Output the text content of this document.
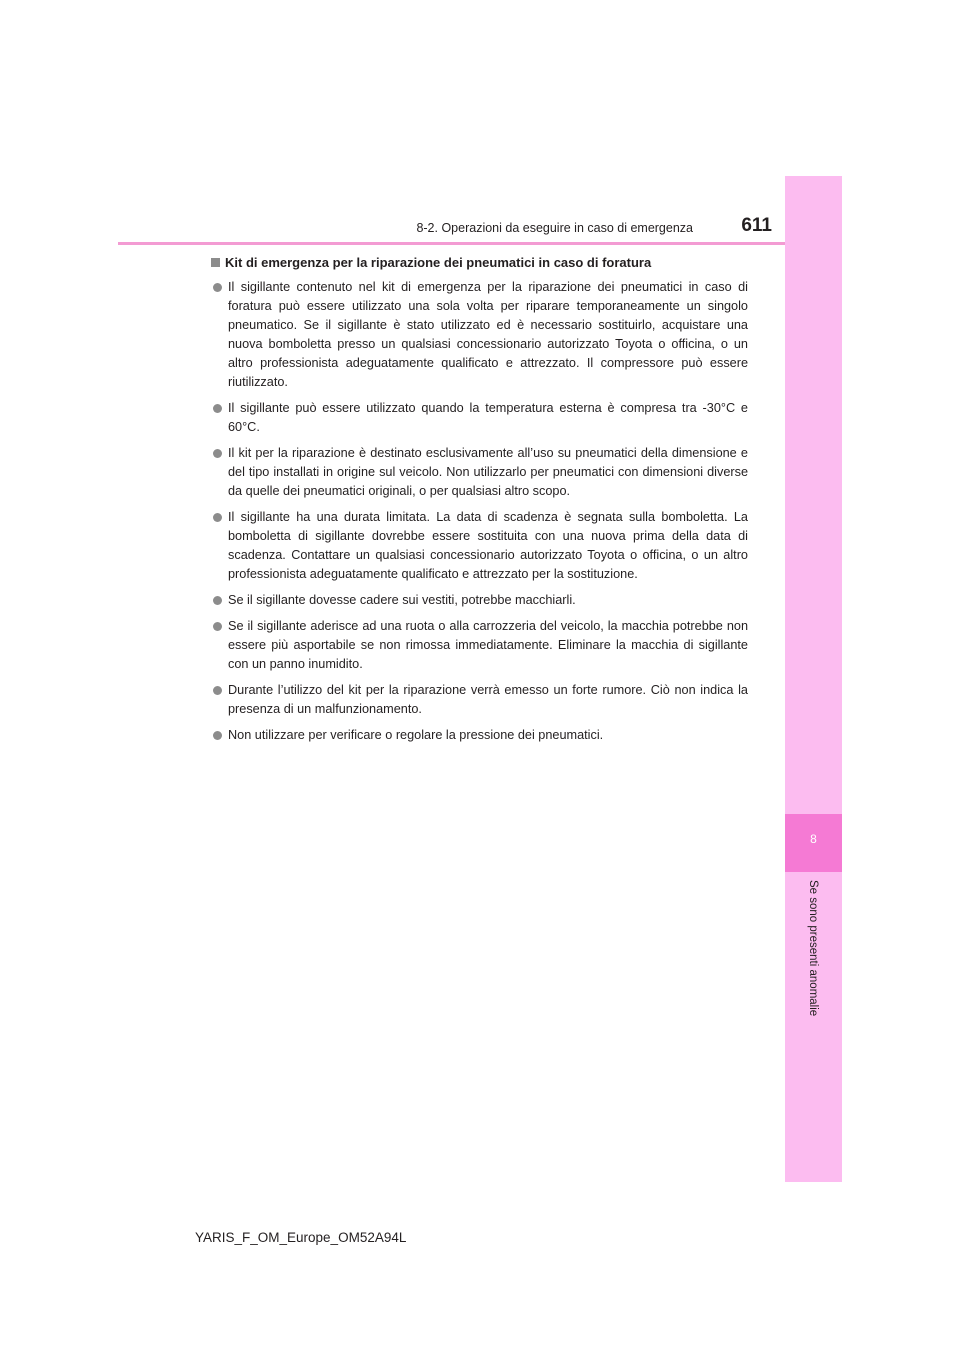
8-2. Operazioni da eseguire in caso di emergenza	611
8
Se sono presenti anomalie
Kit di emergenza per la riparazione dei pneumatici in caso di foratura
Il sigillante contenuto nel kit di emergenza per la riparazione dei pneumatici in caso di foratura può essere utilizzato una sola volta per riparare temporaneamente un singolo pneumatico. Se il sigillante è stato utilizzato ed è necessario sostituirlo, acquistare una nuova bomboletta presso un qualsiasi concessionario autorizzato Toyota o officina, o un altro professionista adeguatamente qualificato e attrezzato. Il compressore può essere riutilizzato.
Il sigillante può essere utilizzato quando la temperatura esterna è compresa tra -30°C e 60°C.
Il kit per la riparazione è destinato esclusivamente all’uso su pneumatici della dimensione e del tipo installati in origine sul veicolo. Non utilizzarlo per pneumatici con dimensioni diverse da quelle dei pneumatici originali, o per qualsiasi altro scopo.
Il sigillante ha una durata limitata. La data di scadenza è segnata sulla bomboletta. La bomboletta di sigillante dovrebbe essere sostituita con una nuova prima della data di scadenza. Contattare un qualsiasi concessionario autorizzato Toyota o officina, o un altro professionista adeguatamente qualificato e attrezzato per la sostituzione.
Se il sigillante dovesse cadere sui vestiti, potrebbe macchiarli.
Se il sigillante aderisce ad una ruota o alla carrozzeria del veicolo, la macchia potrebbe non essere più asportabile se non rimossa immediatamente. Eliminare la macchia di sigillante con un panno inumidito.
Durante l’utilizzo del kit per la riparazione verrà emesso un forte rumore. Ciò non indica la presenza di un malfunzionamento.
Non utilizzare per verificare o regolare la pressione dei pneumatici.
YARIS_F_OM_Europe_OM52A94L
